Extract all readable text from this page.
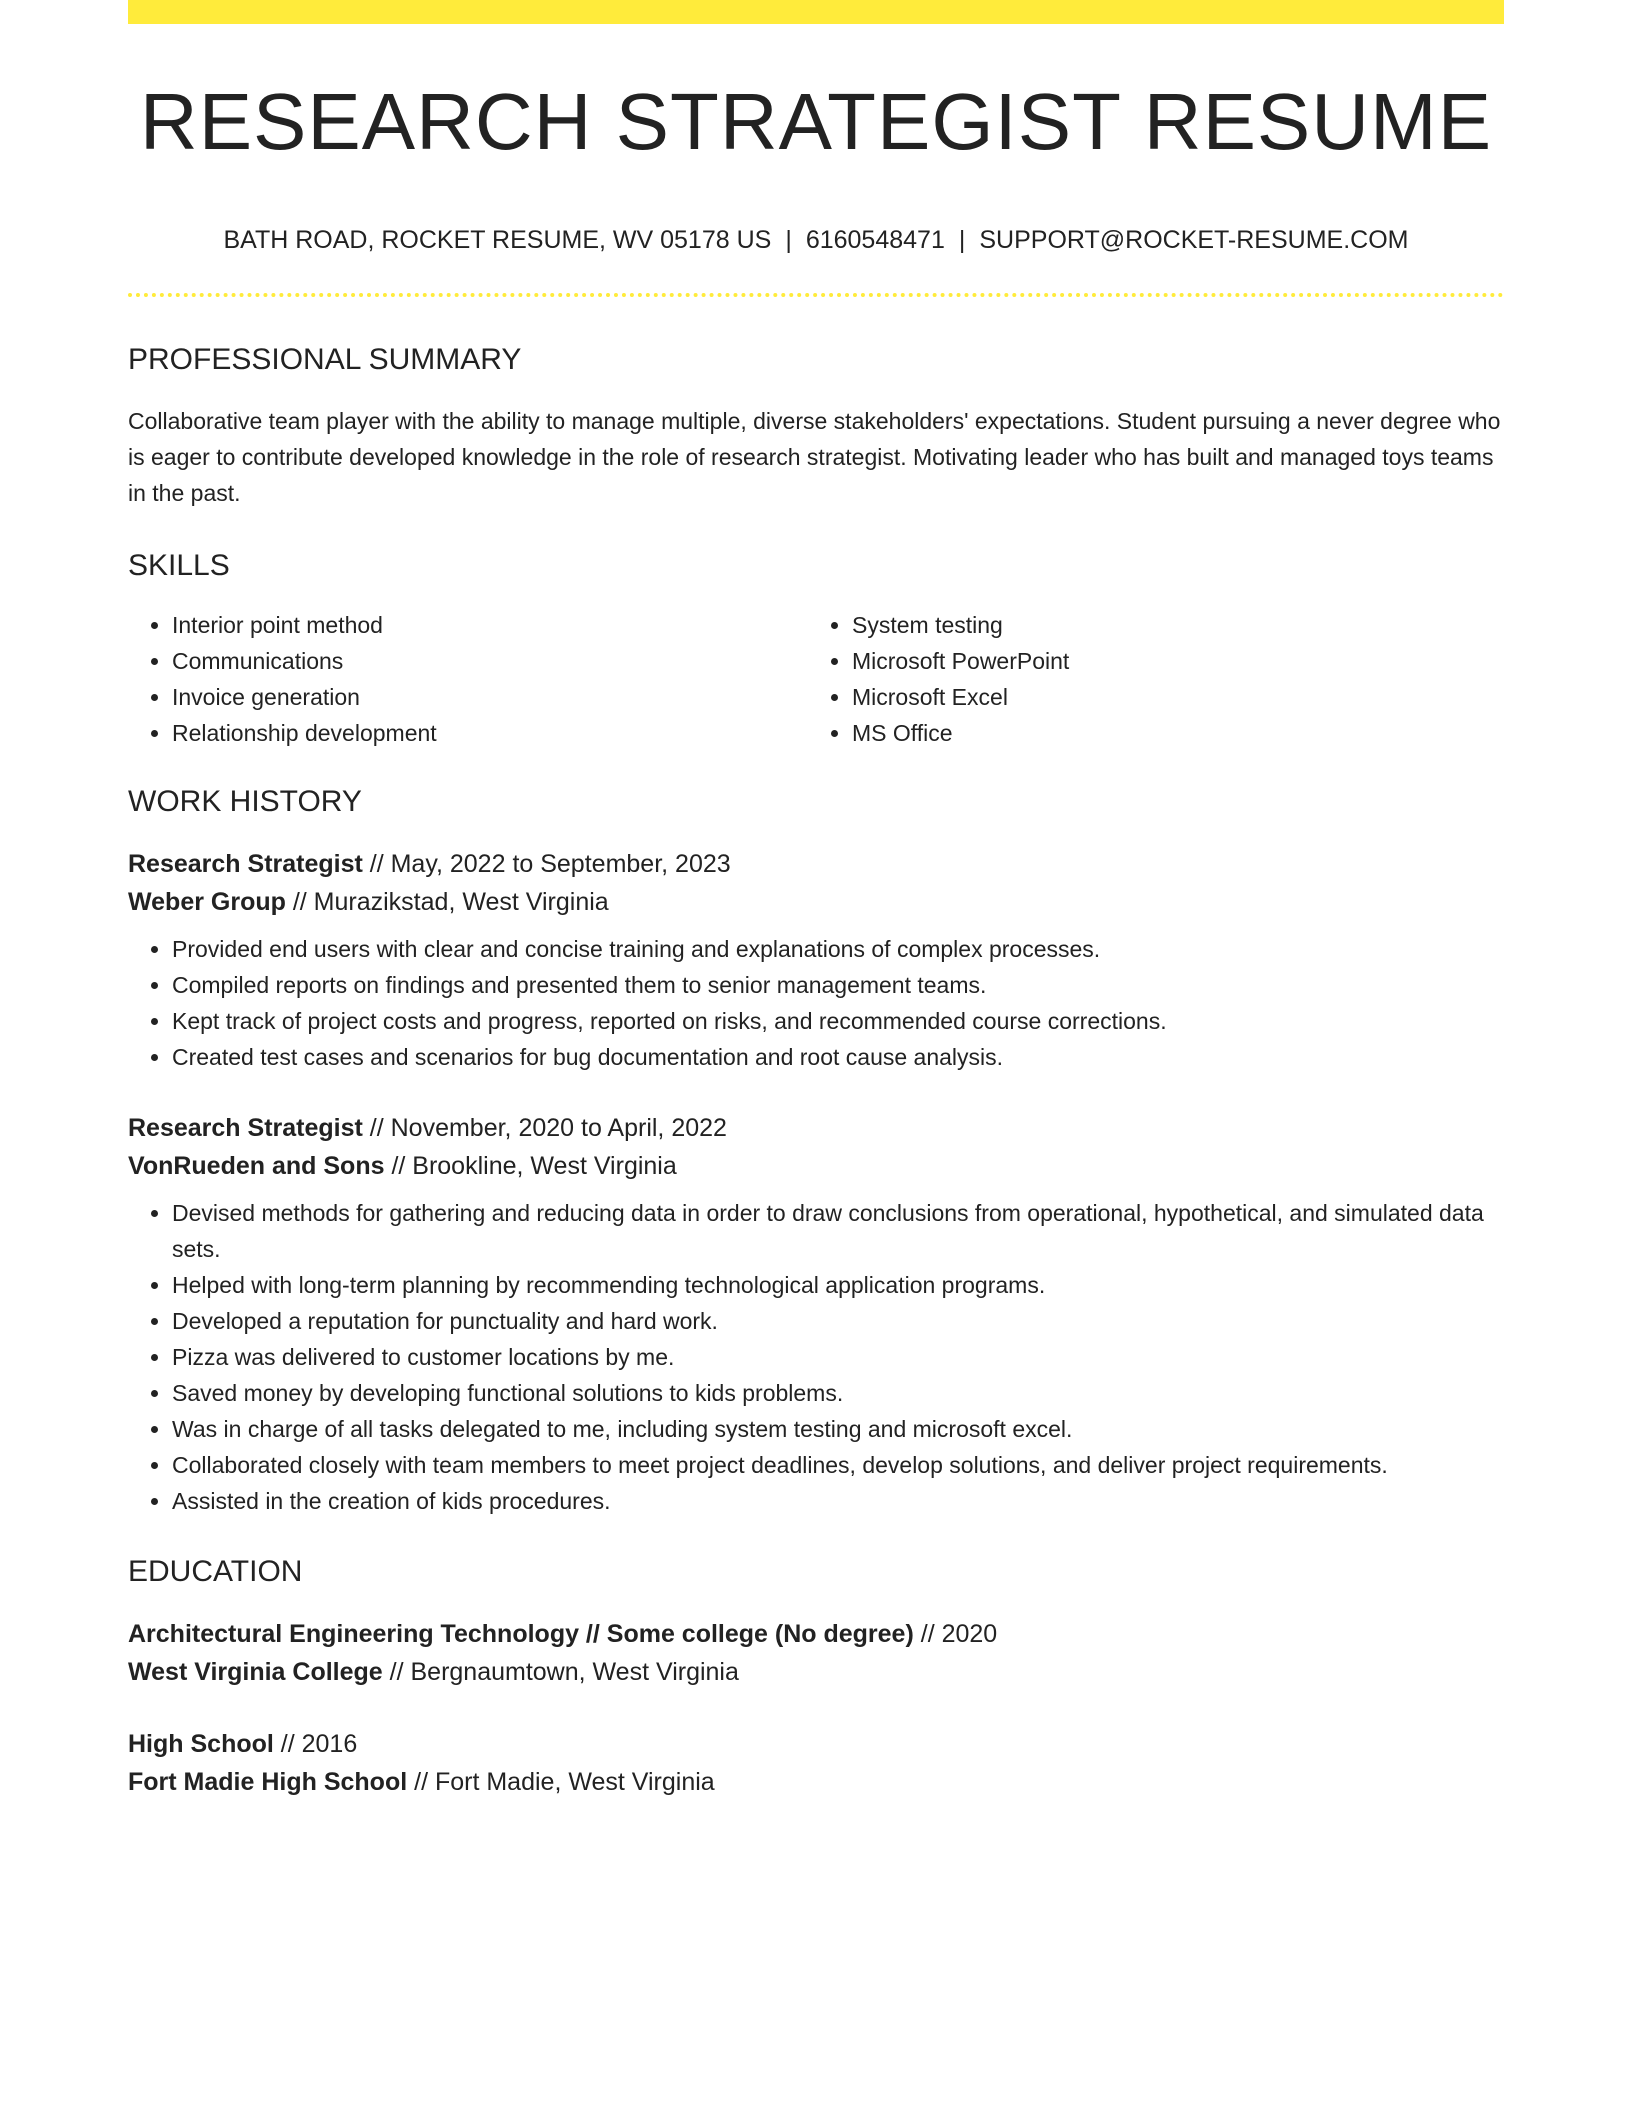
RESEARCH STRATEGIST RESUME
BATH ROAD, ROCKET RESUME, WV 05178 US | 6160548471 | SUPPORT@ROCKET-RESUME.COM
PROFESSIONAL SUMMARY
Collaborative team player with the ability to manage multiple, diverse stakeholders' expectations. Student pursuing a never degree who is eager to contribute developed knowledge in the role of research strategist. Motivating leader who has built and managed toys teams in the past.
SKILLS
• Interior point method
• Communications
• Invoice generation
• Relationship development
• System testing
• Microsoft PowerPoint
• Microsoft Excel
• MS Office
WORK HISTORY
Research Strategist // May, 2022 to September, 2023
Weber Group // Murazikstad, West Virginia
• Provided end users with clear and concise training and explanations of complex processes.
• Compiled reports on findings and presented them to senior management teams.
• Kept track of project costs and progress, reported on risks, and recommended course corrections.
• Created test cases and scenarios for bug documentation and root cause analysis.
Research Strategist // November, 2020 to April, 2022
VonRueden and Sons // Brookline, West Virginia
• Devised methods for gathering and reducing data in order to draw conclusions from operational, hypothetical, and simulated data sets.
• Helped with long-term planning by recommending technological application programs.
• Developed a reputation for punctuality and hard work.
• Pizza was delivered to customer locations by me.
• Saved money by developing functional solutions to kids problems.
• Was in charge of all tasks delegated to me, including system testing and microsoft excel.
• Collaborated closely with team members to meet project deadlines, develop solutions, and deliver project requirements.
• Assisted in the creation of kids procedures.
EDUCATION
Architectural Engineering Technology // Some college (No degree) // 2020
West Virginia College // Bergnaumtown, West Virginia
High School // 2016
Fort Madie High School // Fort Madie, West Virginia
